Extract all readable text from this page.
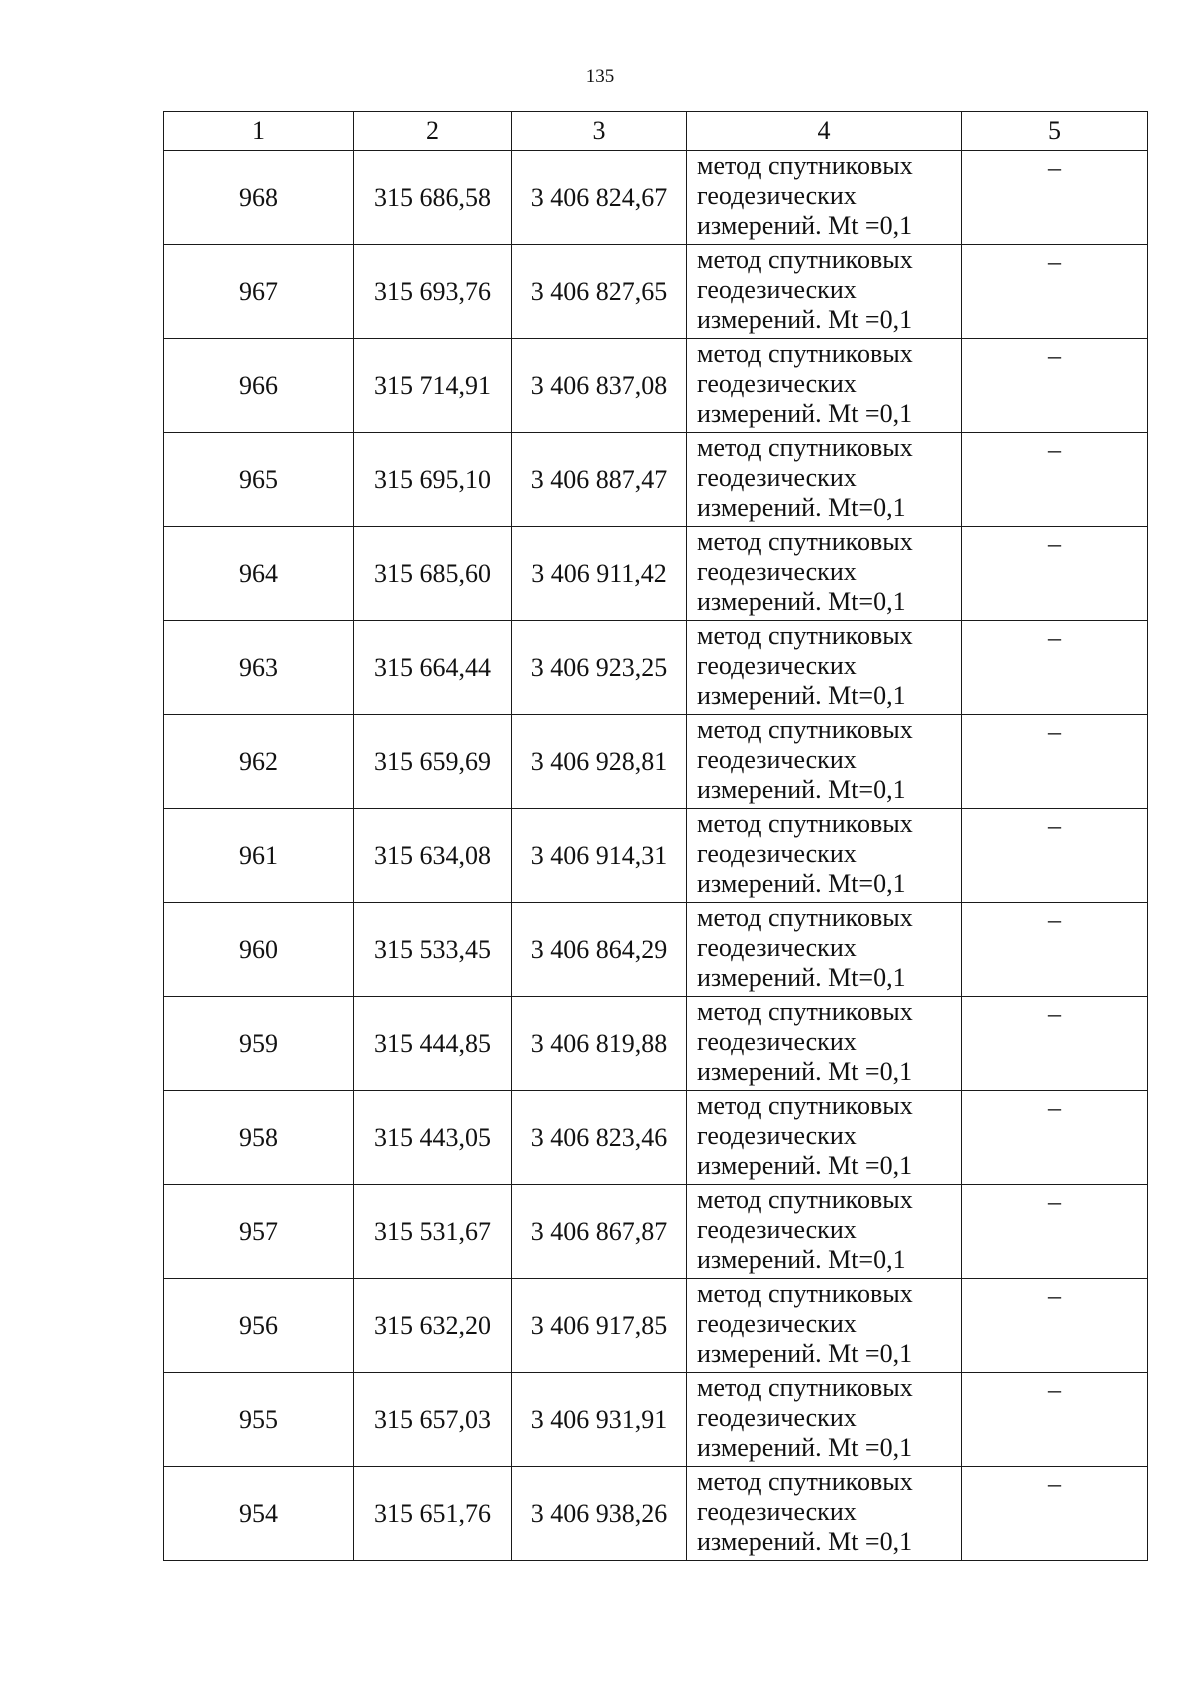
135
1	2	3	4	5
968	315 686,58	3 406 824,67	метод спутниковых
геодезических
измерений. Mt =0,1	–
967	315 693,76	3 406 827,65	метод спутниковых
геодезических
измерений. Mt =0,1	–
966	315 714,91	3 406 837,08	метод спутниковых
геодезических
измерений. Mt =0,1	–
965	315 695,10	3 406 887,47	метод спутниковых
геодезических
измерений. Mt=0,1	–
964	315 685,60	3 406 911,42	метод спутниковых
геодезических
измерений. Mt=0,1	–
963	315 664,44	3 406 923,25	метод спутниковых
геодезических
измерений. Mt=0,1	–
962	315 659,69	3 406 928,81	метод спутниковых
геодезических
измерений. Mt=0,1	–
961	315 634,08	3 406 914,31	метод спутниковых
геодезических
измерений. Mt=0,1	–
960	315 533,45	3 406 864,29	метод спутниковых
геодезических
измерений. Mt=0,1	–
959	315 444,85	3 406 819,88	метод спутниковых
геодезических
измерений. Mt =0,1	–
958	315 443,05	3 406 823,46	метод спутниковых
геодезических
измерений. Mt =0,1	–
957	315 531,67	3 406 867,87	метод спутниковых
геодезических
измерений. Mt=0,1	–
956	315 632,20	3 406 917,85	метод спутниковых
геодезических
измерений. Mt =0,1	–
955	315 657,03	3 406 931,91	метод спутниковых
геодезических
измерений. Mt =0,1	–
954	315 651,76	3 406 938,26	метод спутниковых
геодезических
измерений. Mt =0,1	–
